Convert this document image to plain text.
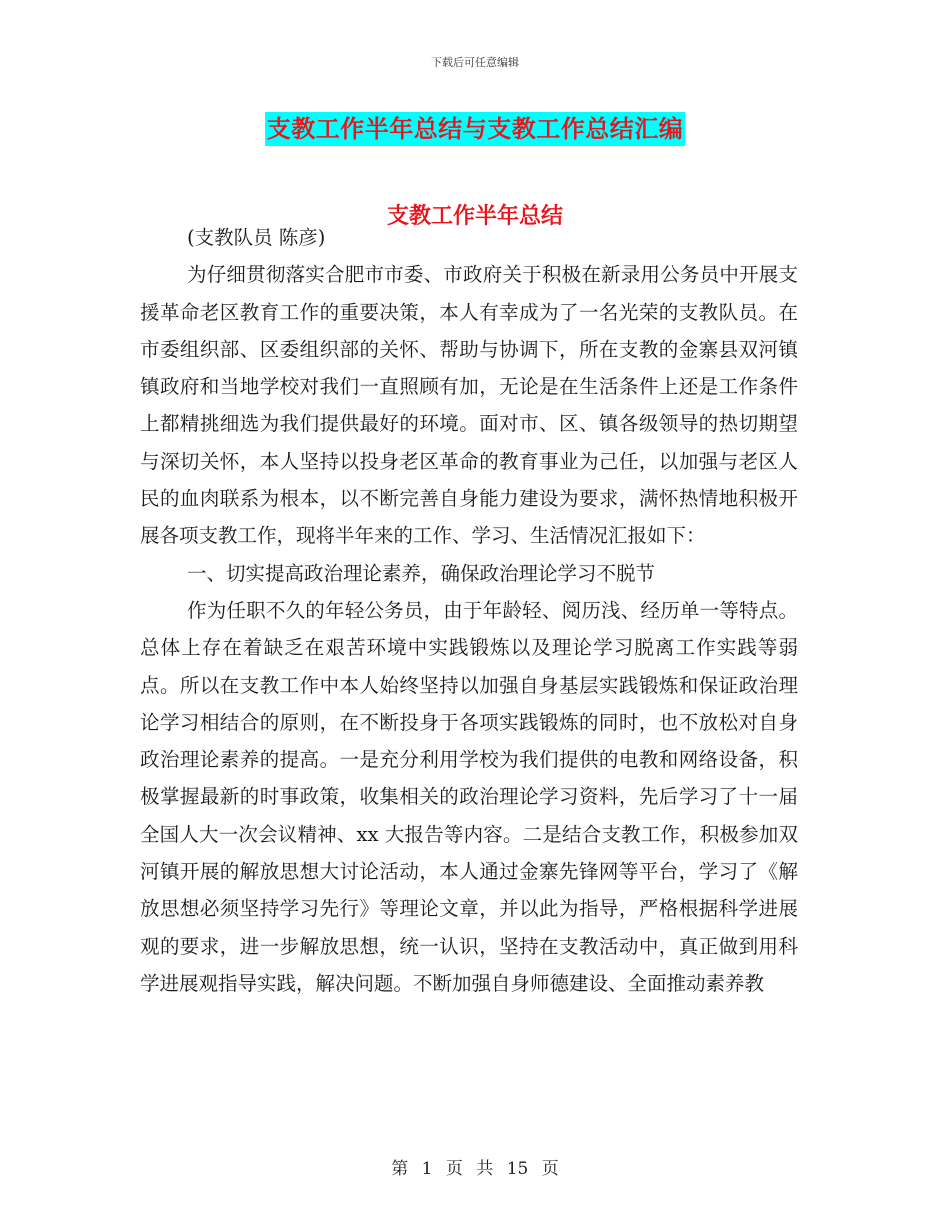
下载后可任意编辑
支教工作半年总结与支教工作总结汇编
支教工作半年总结

(支教队员 陈彦)

为仔细贯彻落实合肥市市委、市政府关于积极在新录用公务员中开展支援革命老区教育工作的重要决策，本人有幸成为了一名光荣的支教队员。在市委组织部、区委组织部的关怀、帮助与协调下，所在支教的金寨县双河镇镇政府和当地学校对我们一直照顾有加，无论是在生活条件上还是工作条件上都精挑细选为我们提供最好的环境。面对市、区、镇各级领导的热切期望与深切关怀，本人坚持以投身老区革命的教育事业为己任，以加强与老区人民的血肉联系为根本，以不断完善自身能力建设为要求，满怀热情地积极开展各项支教工作，现将半年来的工作、学习、生活情况汇报如下：

一、切实提高政治理论素养，确保政治理论学习不脱节

作为任职不久的年轻公务员，由于年龄轻、阅历浅、经历单一等特点。总体上存在着缺乏在艰苦环境中实践锻炼以及理论学习脱离工作实践等弱点。所以在支教工作中本人始终坚持以加强自身基层实践锻炼和保证政治理论学习相结合的原则，在不断投身于各项实践锻炼的同时，也不放松对自身政治理论素养的提高。一是充分利用学校为我们提供的电教和网络设备，积极掌握最新的时事政策，收集相关的政治理论学习资料，先后学习了十一届全国人大一次会议精神、xx 大报告等内容。二是结合支教工作，积极参加双河镇开展的解放思想大讨论活动，本人通过金寨先锋网等平台，学习了《解放思想必须坚持学习先行》等理论文章，并以此为指导，严格根据科学进展观的要求，进一步解放思想，统一认识，坚持在支教活动中，真正做到用科学进展观指导实践，解决问题。不断加强自身师德建设、全面推动素养教

第 1 页 共 15 页
